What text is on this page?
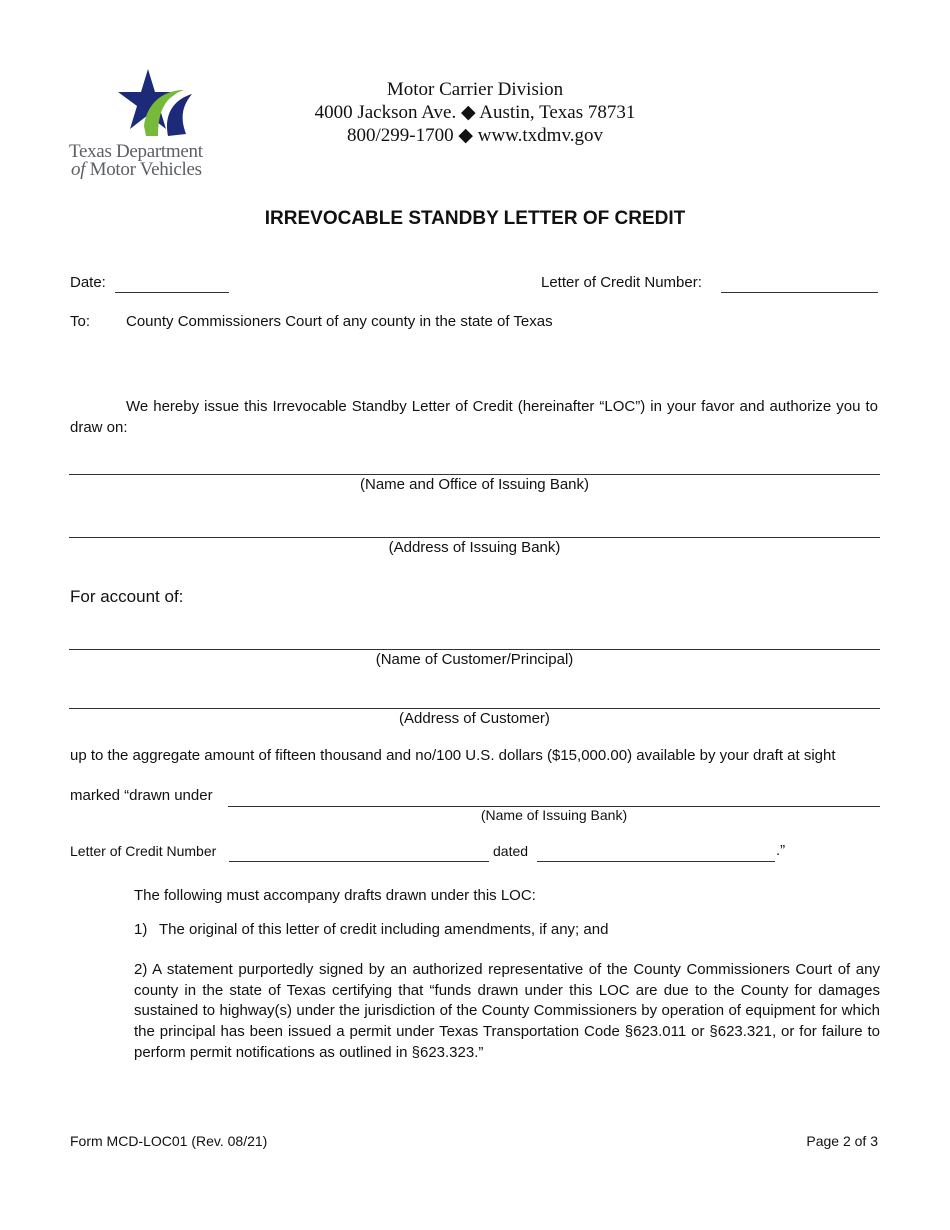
Texas Department
of Motor Vehicles
Motor Carrier Division
4000 Jackson Ave. ◆ Austin, Texas 78731
800/299-1700 ◆ www.txdmv.gov
IRREVOCABLE STANDBY LETTER OF CREDIT
Date:	Letter of Credit Number:
To: County Commissioners Court of any county in the state of Texas
We hereby issue this Irrevocable Standby Letter of Credit (hereinafter “LOC”) in your favor and authorize you to draw on:
(Name and Office of Issuing Bank)
(Address of Issuing Bank)
For account of:
(Name of Customer/Principal)
(Address of Customer)
up to the aggregate amount of fifteen thousand and no/100 U.S. dollars ($15,000.00) available by your draft at sight
marked “drawn under
(Name of Issuing Bank)
Letter of Credit Number	dated	.”
The following must accompany drafts drawn under this LOC:
1) The original of this letter of credit including amendments, if any; and
2) A statement purportedly signed by an authorized representative of the County Commissioners Court of any county in the state of Texas certifying that “funds drawn under this LOC are due to the County for damages sustained to highway(s) under the jurisdiction of the County Commissioners by operation of equipment for which the principal has been issued a permit under Texas Transportation Code §623.011 or §623.321, or for failure to perform permit notifications as outlined in §623.323.”
Form MCD-LOC01 (Rev. 08/21)	Page 2 of 3
